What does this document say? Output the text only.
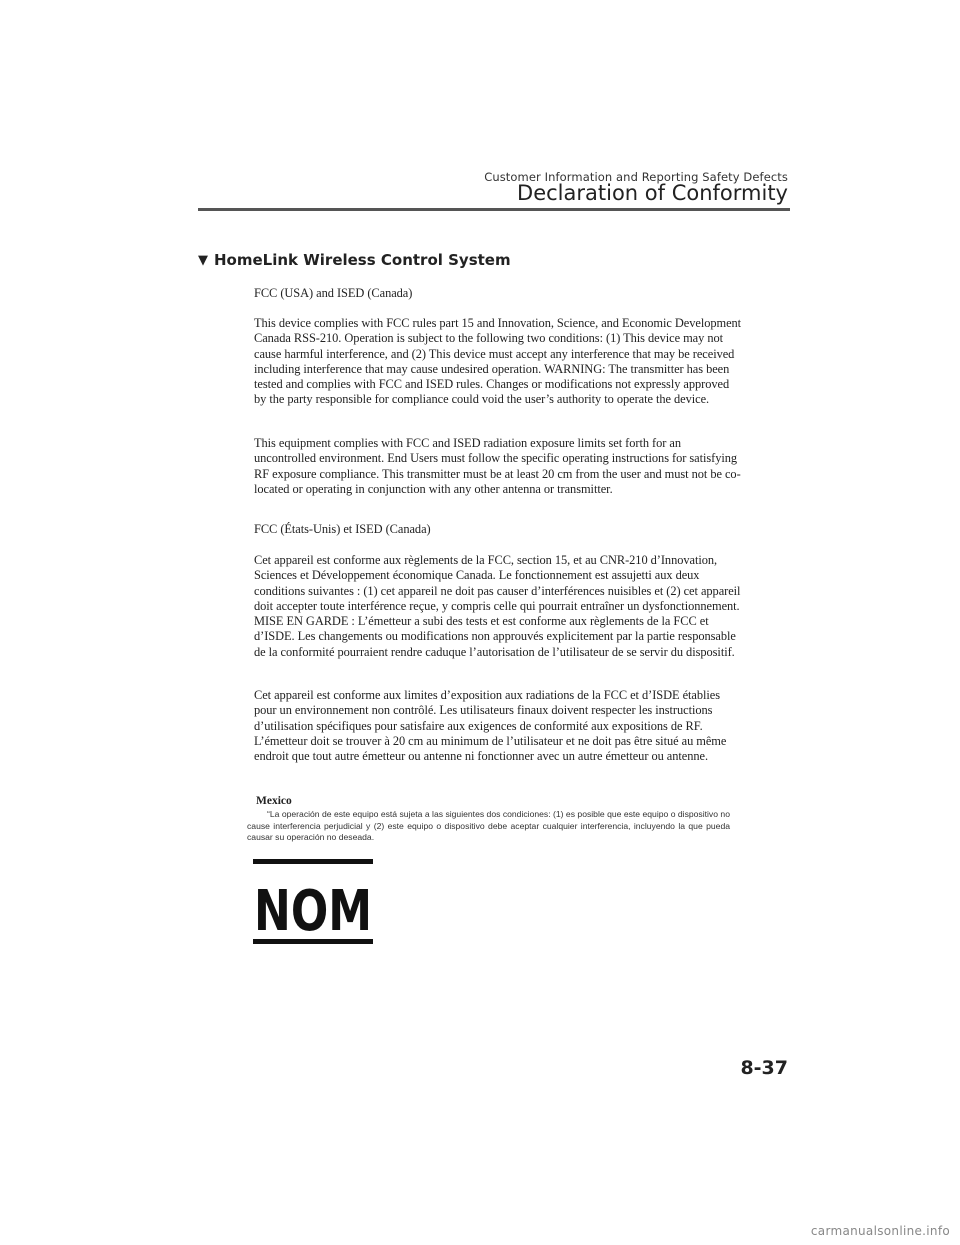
Customer Information and Reporting Safety Defects
Declaration of Conformity
▼ HomeLink Wireless Control System
FCC (USA) and ISED (Canada)
This device complies with FCC rules part 15 and Innovation, Science, and Economic Development Canada RSS-210. Operation is subject to the following two conditions: (1) This device may not cause harmful interference, and (2) This device must accept any interference that may be received including interference that may cause undesired operation. WARNING: The transmitter has been tested and complies with FCC and ISED rules. Changes or modifications not expressly approved by the party responsible for compliance could void the user’s authority to operate the device.
This equipment complies with FCC and ISED radiation exposure limits set forth for an uncontrolled environment. End Users must follow the specific operating instructions for satisfying RF exposure compliance. This transmitter must be at least 20 cm from the user and must not be co-located or operating in conjunction with any other antenna or transmitter.
FCC (États-Unis) et ISED (Canada)
Cet appareil est conforme aux règlements de la FCC, section 15, et au CNR-210 d’Innovation, Sciences et Développement économique Canada. Le fonctionnement est assujetti aux deux conditions suivantes : (1) cet appareil ne doit pas causer d’interférences nuisibles et (2) cet appareil doit accepter toute interférence reçue, y compris celle qui pourrait entraîner un dysfonctionnement. MISE EN GARDE : L’émetteur a subi des tests et est conforme aux règlements de la FCC et d’ISDE. Les changements ou modifications non approuvés explicitement par la partie responsable de la conformité pourraient rendre caduque l’autorisation de l’utilisateur de se servir du dispositif.
Cet appareil est conforme aux limites d’exposition aux radiations de la FCC et d’ISDE établies pour un environnement non contrôlé. Les utilisateurs finaux doivent respecter les instructions d’utilisation spécifiques pour satisfaire aux exigences de conformité aux expositions de RF. L’émetteur doit se trouver à 20 cm au minimum de l’utilisateur et ne doit pas être situé au même endroit que tout autre émetteur ou antenne ni fonctionner avec un autre émetteur ou antenne.
Mexico
“La operación de este equipo está sujeta a las siguientes dos condiciones: (1) es posible que este equipo o dispositivo no cause interferencia perjudicial y (2) este equipo o dispositivo debe aceptar cualquier interferencia, incluyendo la que pueda causar su operación no deseada.
NOM
8-37
carmanualsonline.info
